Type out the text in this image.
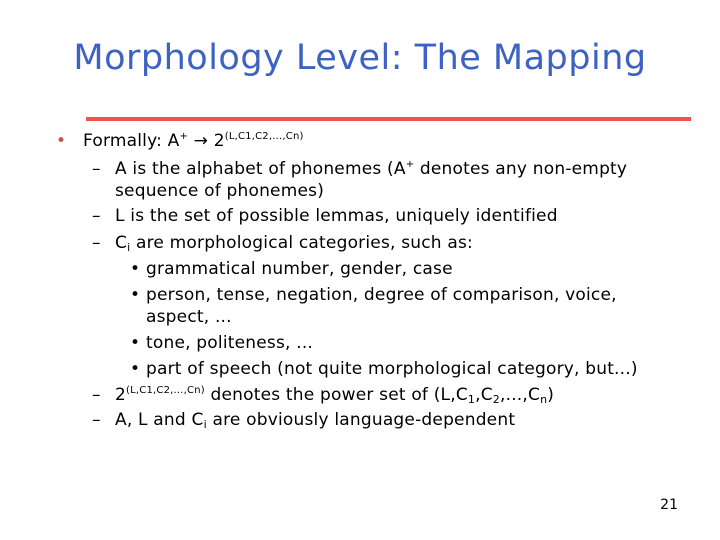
Morphology Level: The Mapping
• Formally: $A^+ \to 2^{(L,C1,C2,...,Cn)}$
– A is the alphabet of phonemes (A+ denotes any non-empty
sequence of phonemes)
– L is the set of possible lemmas, uniquely identified
– $C_i$ are morphological categories, such as:
• grammatical number, gender, case
• person, tense, negation, degree of comparison, voice,
aspect, ...
• tone, politeness, ...
• part of speech (not quite morphological category, but...)
– $2^{(L,C1,C2,...,Cn)}$ denotes the power set of $(L,C_1,C_2,...,C_n)$
– A, L and $C_i$ are obviously language-dependent
21
